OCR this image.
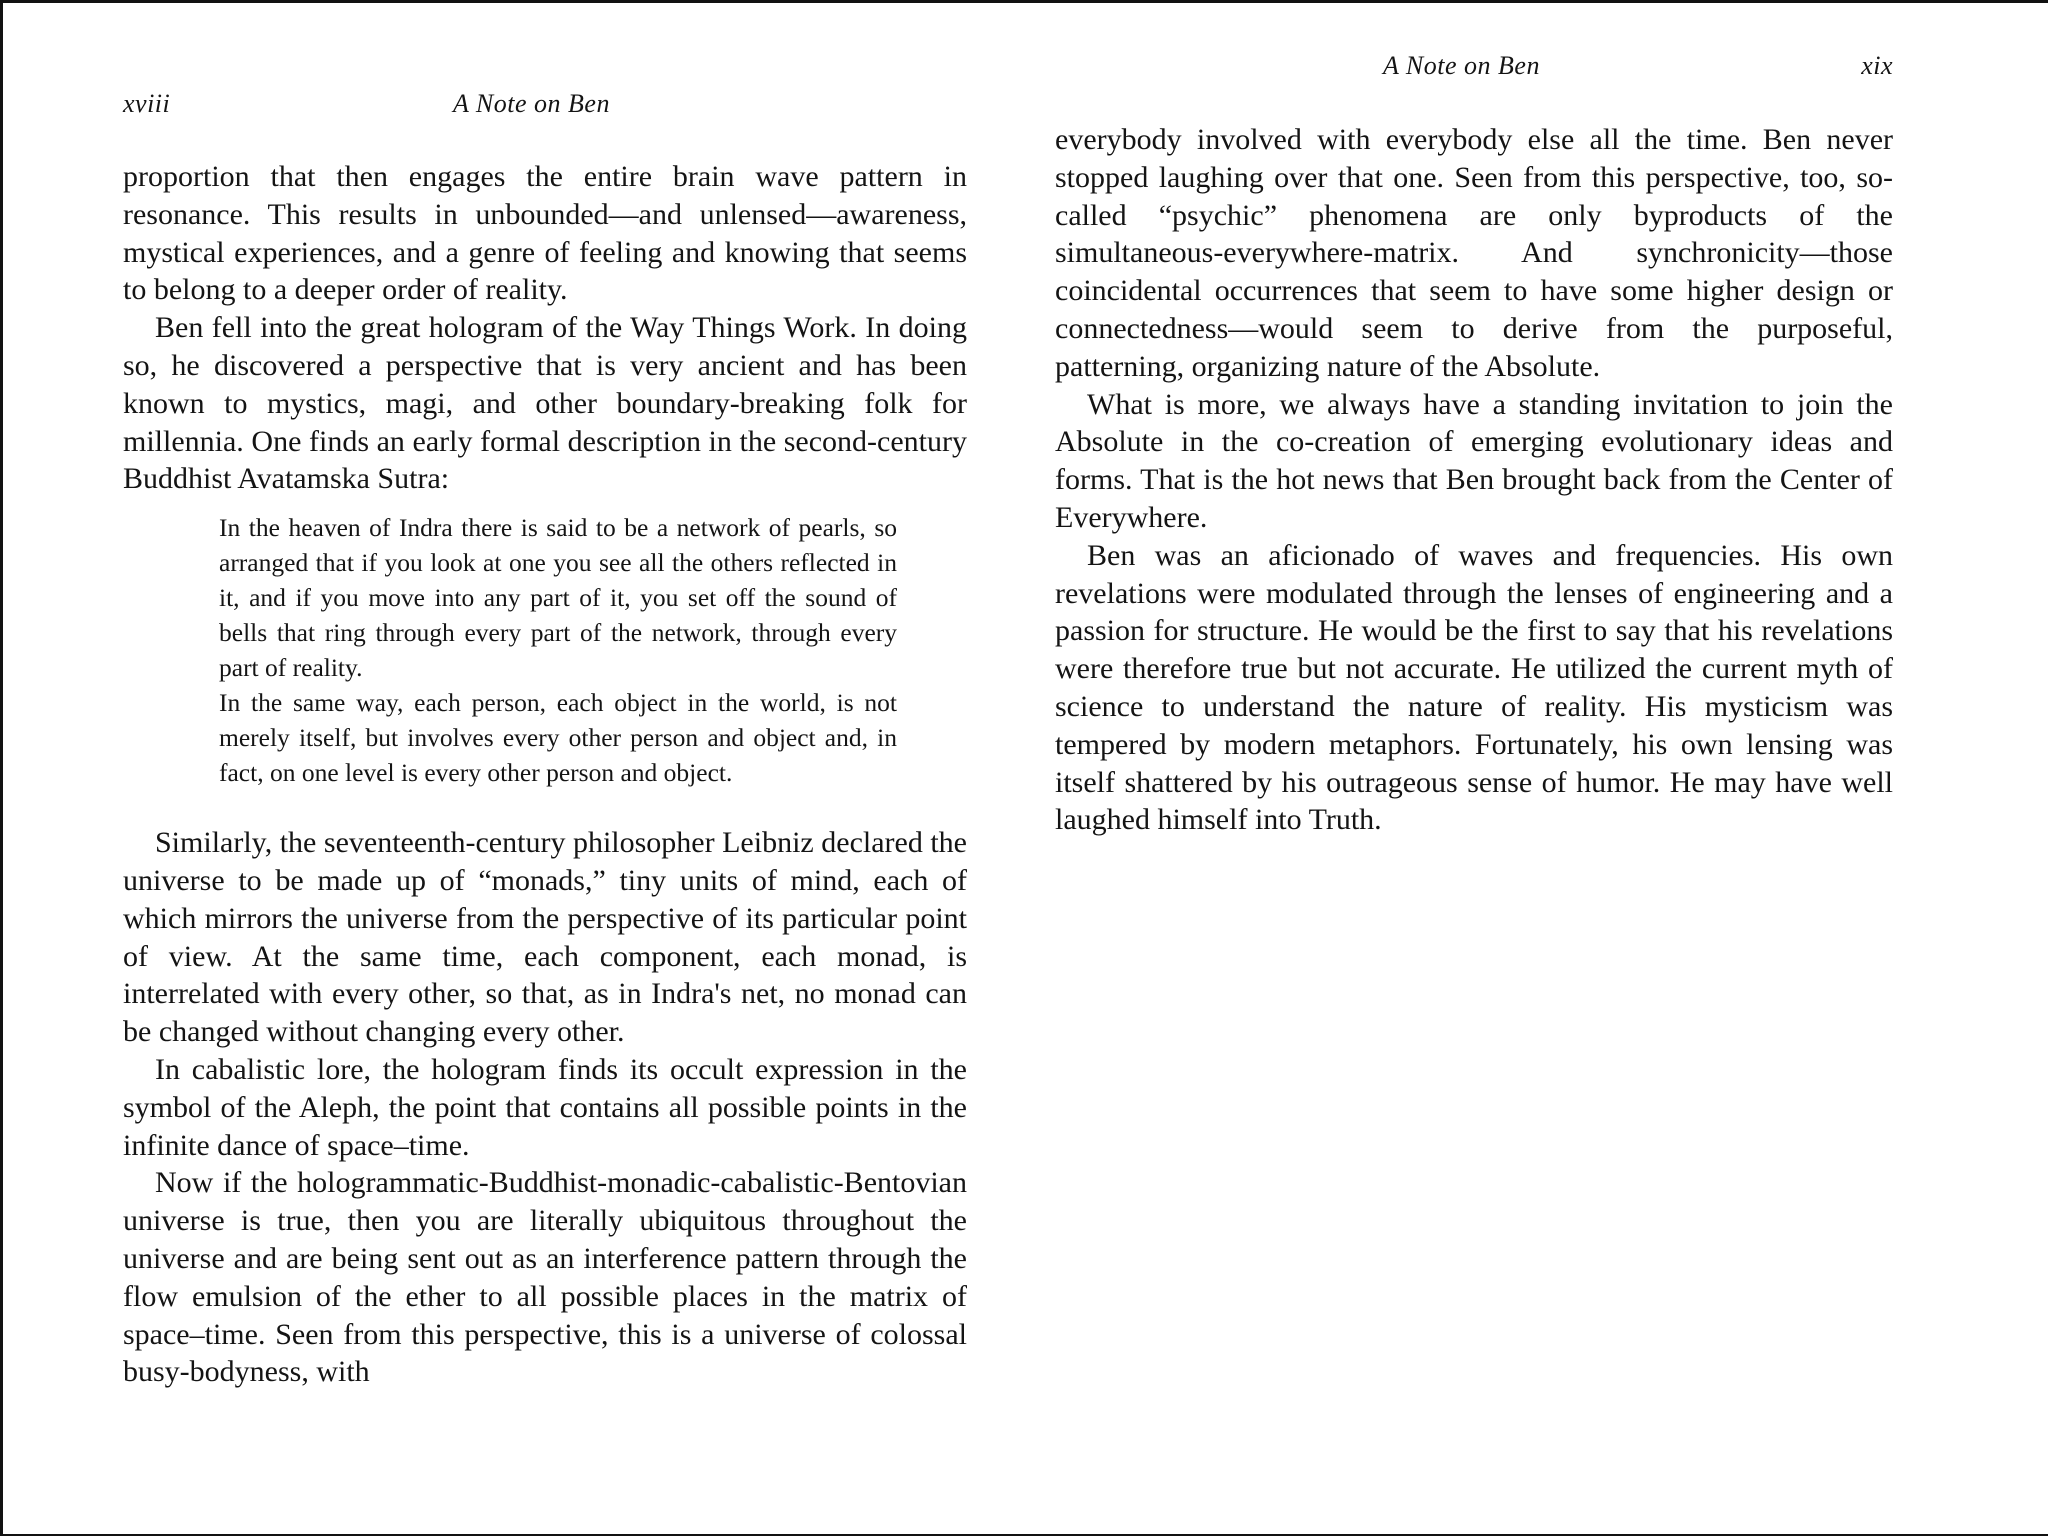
xviii	A Note on Ben

proportion that then engages the entire brain wave pattern in resonance. This results in unbounded—and unlensed—awareness, mystical experiences, and a genre of feeling and knowing that seems to belong to a deeper order of reality.

Ben fell into the great hologram of the Way Things Work. In doing so, he discovered a perspective that is very ancient and has been known to mystics, magi, and other boundary-breaking folk for millennia. One finds an early formal description in the second-century Buddhist Avatamska Sutra:

In the heaven of Indra there is said to be a network of pearls, so arranged that if you look at one you see all the others reflected in it, and if you move into any part of it, you set off the sound of bells that ring through every part of the network, through every part of reality.

In the same way, each person, each object in the world, is not merely itself, but involves every other person and object and, in fact, on one level is every other person and object.

Similarly, the seventeenth-century philosopher Leibniz declared the universe to be made up of “monads,” tiny units of mind, each of which mirrors the universe from the perspective of its particular point of view. At the same time, each component, each monad, is interrelated with every other, so that, as in Indra's net, no monad can be changed without changing every other.

In cabalistic lore, the hologram finds its occult expression in the symbol of the Aleph, the point that contains all possible points in the infinite dance of space–time.

Now if the hologrammatic-Buddhist-monadic-cabalistic-Bentovian universe is true, then you are literally ubiquitous throughout the universe and are being sent out as an interference pattern through the flow emulsion of the ether to all possible places in the matrix of space–time. Seen from this perspective, this is a universe of colossal busy-bodyness, with

A Note on Ben	xix

everybody involved with everybody else all the time. Ben never stopped laughing over that one. Seen from this perspective, too, so-called “psychic” phenomena are only byproducts of the simultaneous-everywhere-matrix. And synchronicity—those coincidental occurrences that seem to have some higher design or connectedness—would seem to derive from the purposeful, patterning, organizing nature of the Absolute.

What is more, we always have a standing invitation to join the Absolute in the co-creation of emerging evolutionary ideas and forms. That is the hot news that Ben brought back from the Center of Everywhere.

Ben was an aficionado of waves and frequencies. His own revelations were modulated through the lenses of engineering and a passion for structure. He would be the first to say that his revelations were therefore true but not accurate. He utilized the current myth of science to understand the nature of reality. His mysticism was tempered by modern metaphors. Fortunately, his own lensing was itself shattered by his outrageous sense of humor. He may have well laughed himself into Truth.
